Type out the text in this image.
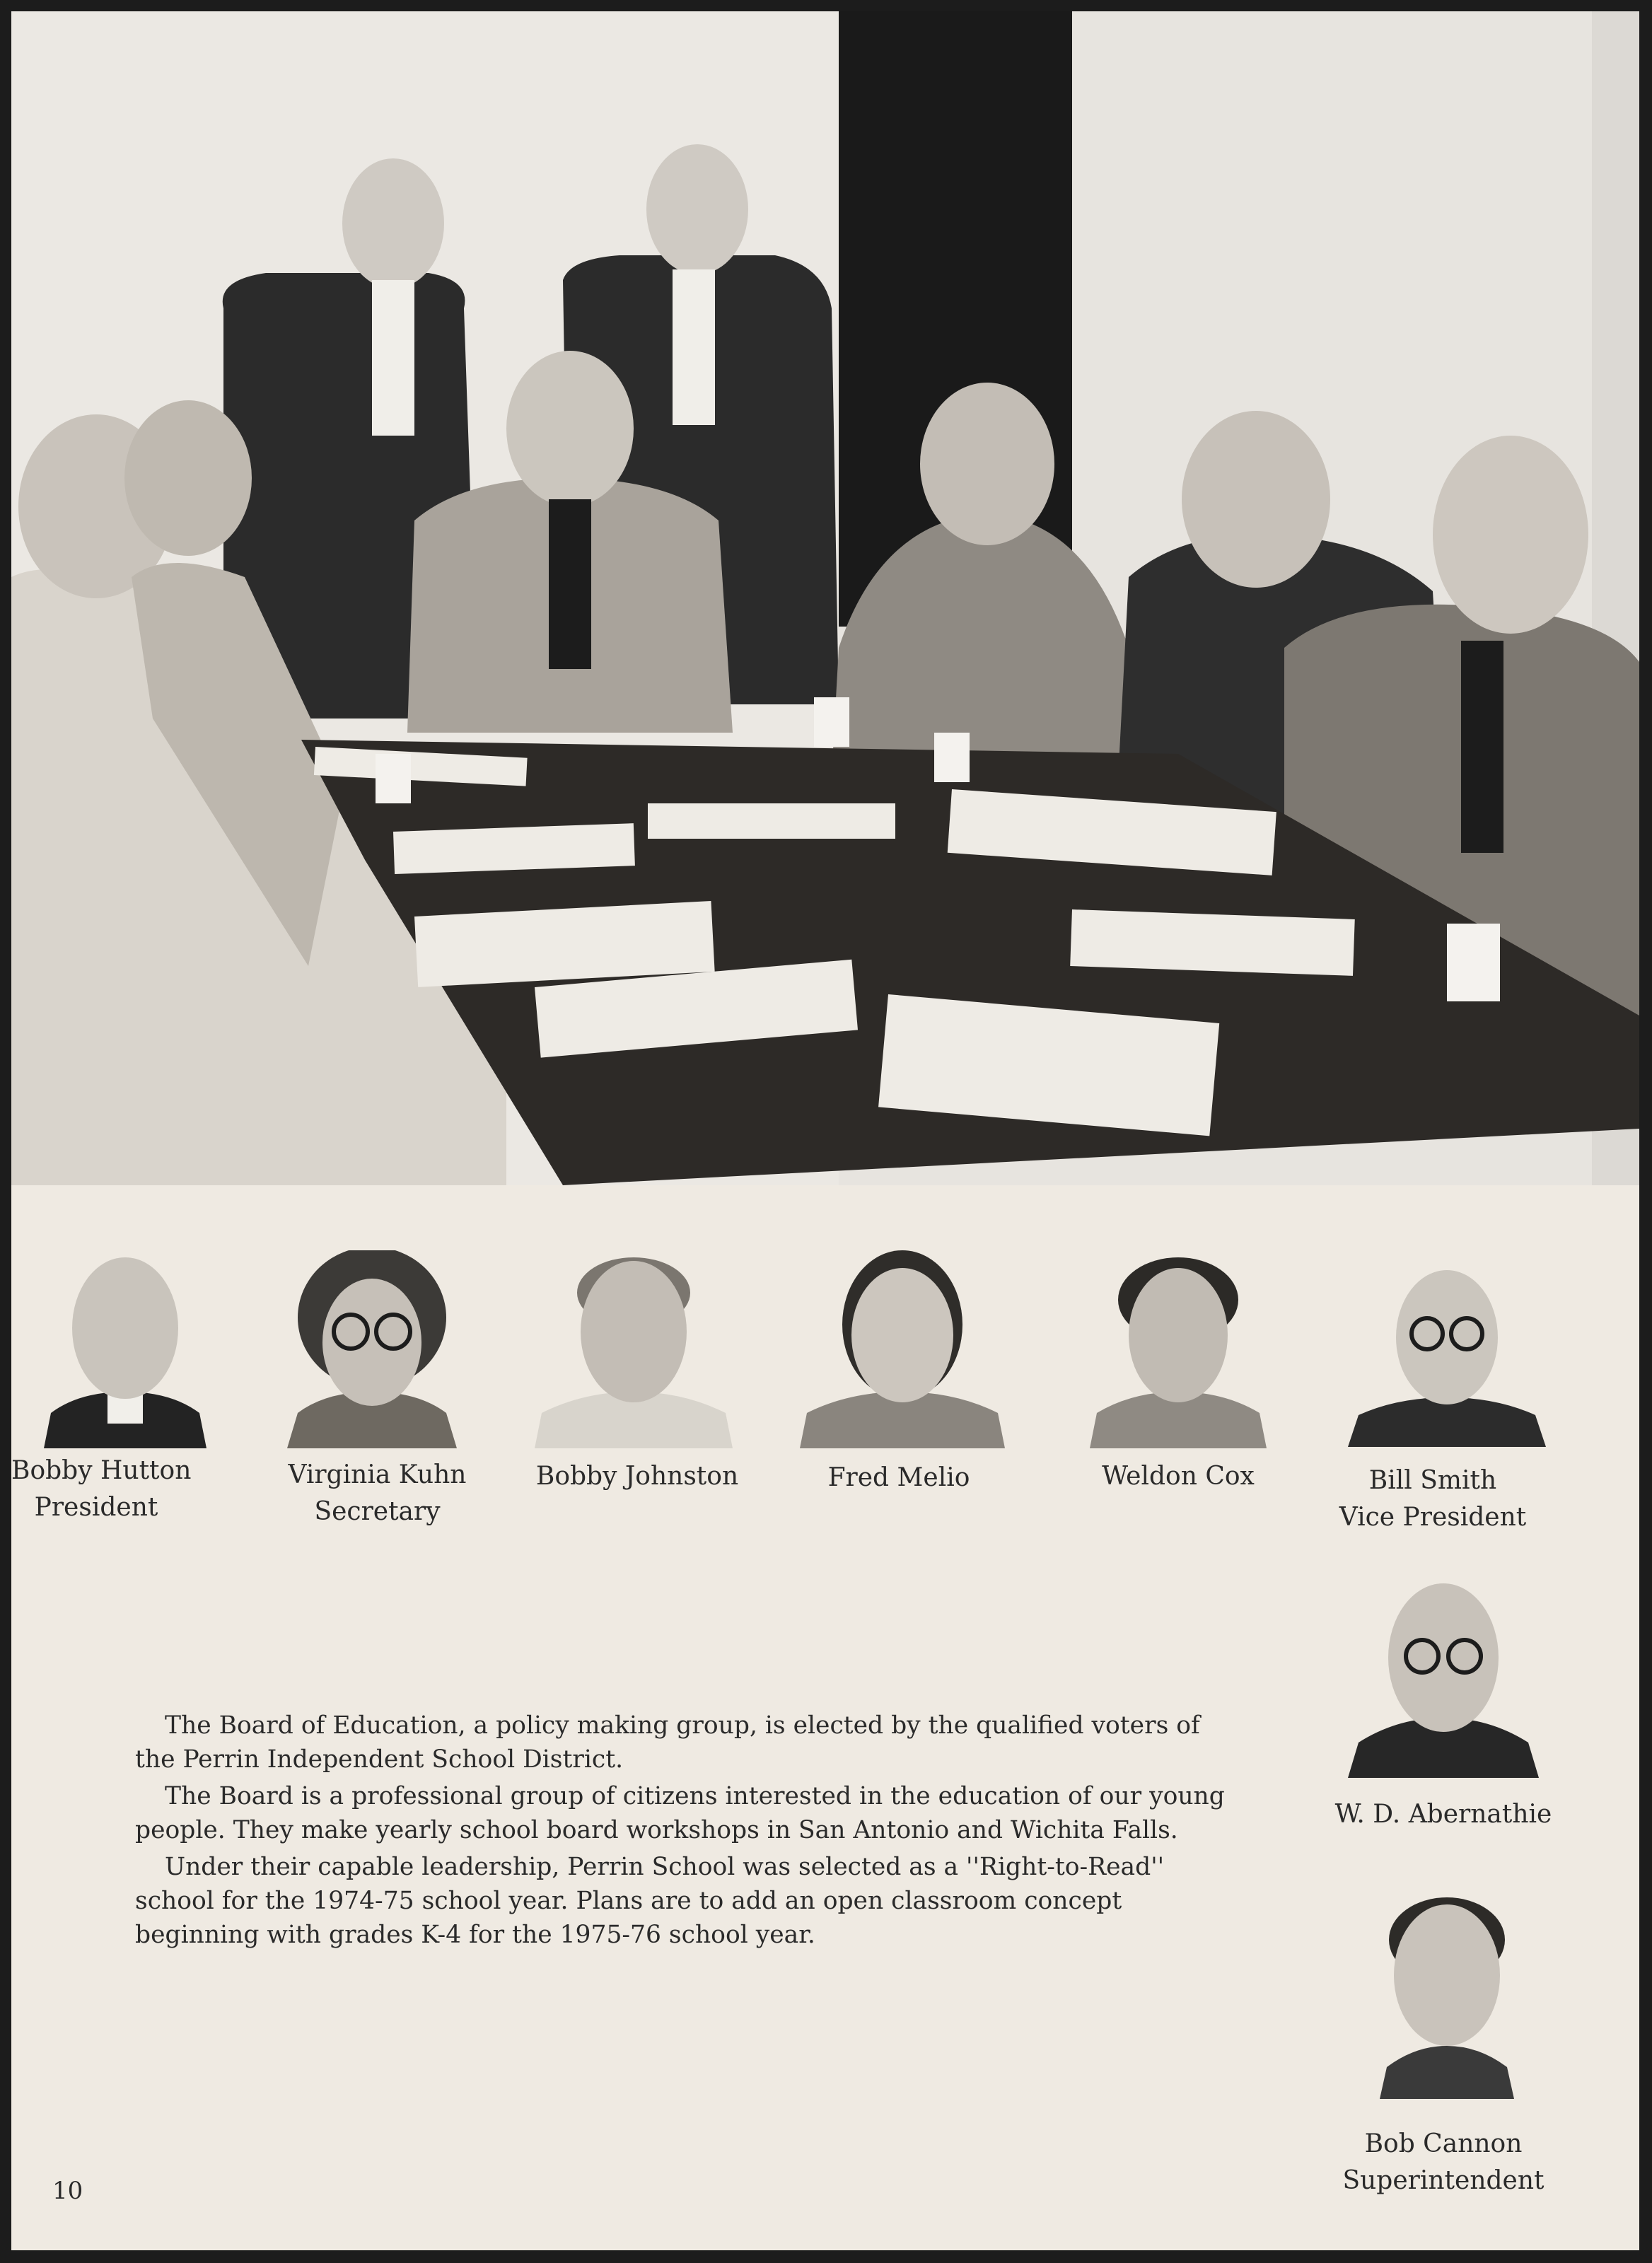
Bobby Hutton
President
Virginia Kuhn
Secretary
Bobby Johnston	Fred Melio	Weldon Cox	Bill Smith
Vice President
W. D. Abernathie
Bob Cannon
Superintendent

The Board of Education, a policy making group, is elected by the qualified voters of the Perrin Independent School District.

The Board is a professional group of citizens interested in the education of our young people. They make yearly school board workshops in San Antonio and Wichita Falls.

Under their capable leadership, Perrin School was selected as a ''Right-to-Read'' school for the 1974-75 school year. Plans are to add an open classroom concept beginning with grades K-4 for the 1975-76 school year.

10
